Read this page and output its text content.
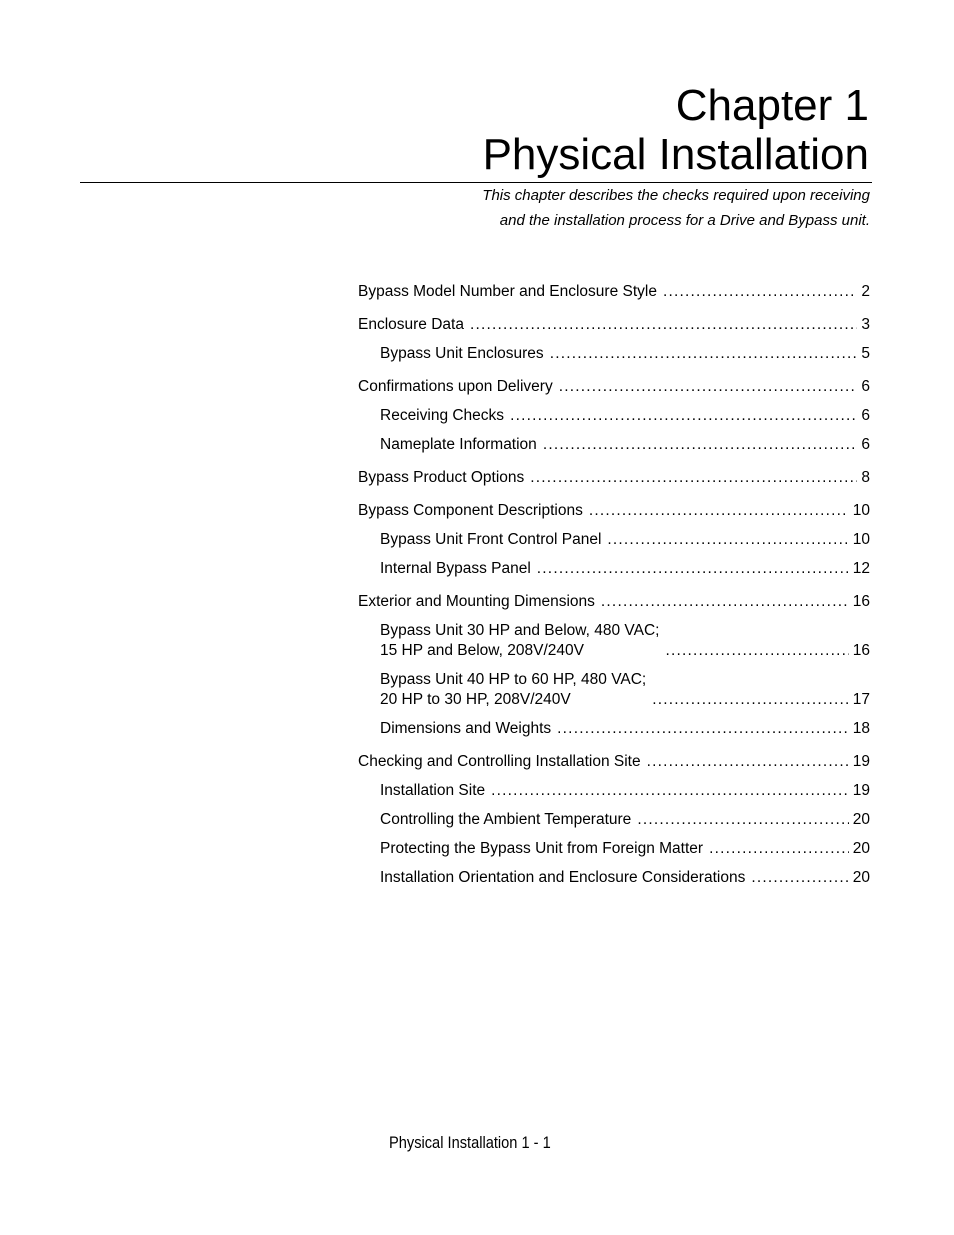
Chapter 1
Physical Installation
This chapter describes the checks required upon receiving
and the installation process for a Drive and Bypass unit.
Bypass Model Number and Enclosure Style .....	2
Enclosure Data .....	3
Bypass Unit Enclosures .....	5
Confirmations upon Delivery .....	6
Receiving Checks .....	6
Nameplate Information .....	6
Bypass Product Options .....	8
Bypass Component Descriptions .....	10
Bypass Unit Front Control Panel .....	10
Internal Bypass Panel .....	12
Exterior and Mounting Dimensions .....	16
Bypass Unit 30 HP and Below, 480 VAC;
15 HP and Below, 208V/240V .....	16
Bypass Unit 40 HP to 60 HP, 480 VAC;
20 HP to 30 HP, 208V/240V .....	17
Dimensions and Weights .....	18
Checking and Controlling Installation Site .....	19
Installation Site .....	19
Controlling the Ambient Temperature .....	20
Protecting the Bypass Unit from Foreign Matter .....	20
Installation Orientation and Enclosure Considerations .....	20
Physical Installation 1 - 1
